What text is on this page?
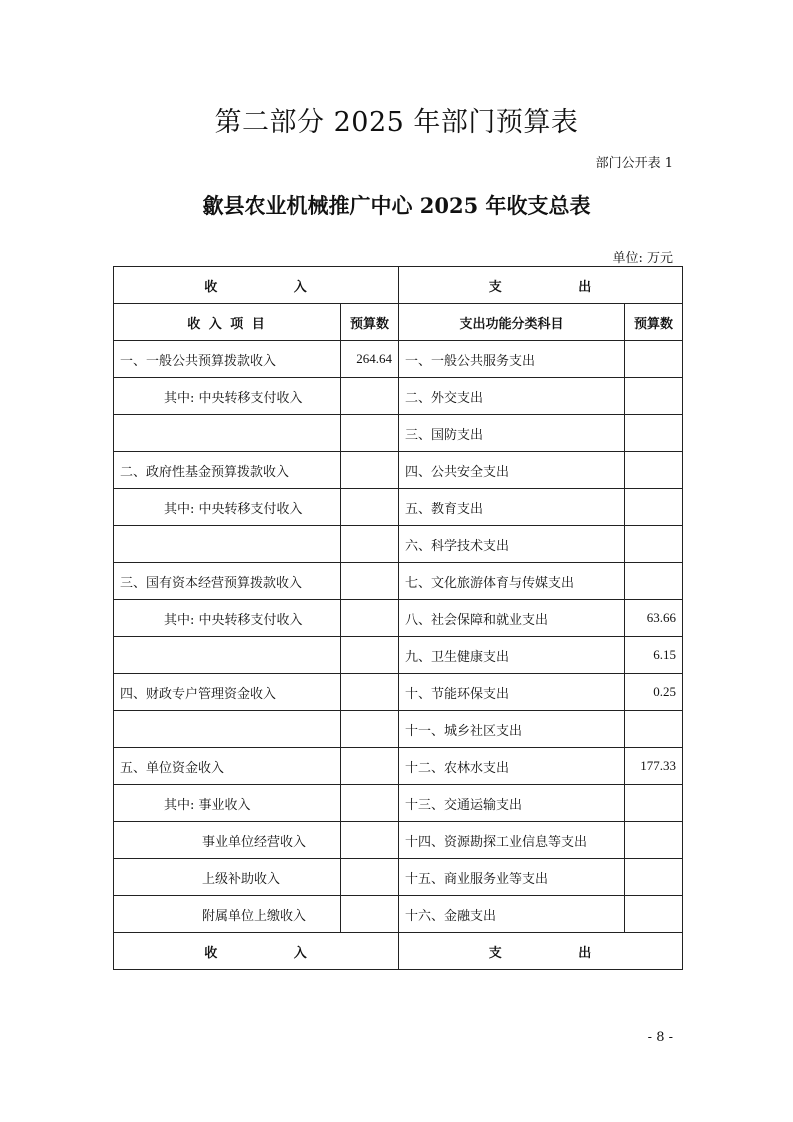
第二部分 2025 年部门预算表
部门公开表 1
歙县农业机械推广中心 2025 年收支总表
单位: 万元
收 入		支 出	
收 入 项 目	预算数	支出功能分类科目	预算数
一、一般公共预算拨款收入	264.64	一、一般公共服务支出	
其中: 中央转移支付收入		二、外交支出	
		三、国防支出	
二、政府性基金预算拨款收入		四、公共安全支出	
其中: 中央转移支付收入		五、教育支出	
		六、科学技术支出	
三、国有资本经营预算拨款收入		七、文化旅游体育与传媒支出	
其中: 中央转移支付收入		八、社会保障和就业支出	63.66
		九、卫生健康支出	6.15
四、财政专户管理资金收入		十、节能环保支出	0.25
		十一、城乡社区支出	
五、单位资金收入		十二、农林水支出	177.33
其中: 事业收入		十三、交通运输支出	
事业单位经营收入		十四、资源勘探工业信息等支出	
上级补助收入		十五、商业服务业等支出	
附属单位上缴收入		十六、金融支出	
收 入		支 出	
- 8 -
